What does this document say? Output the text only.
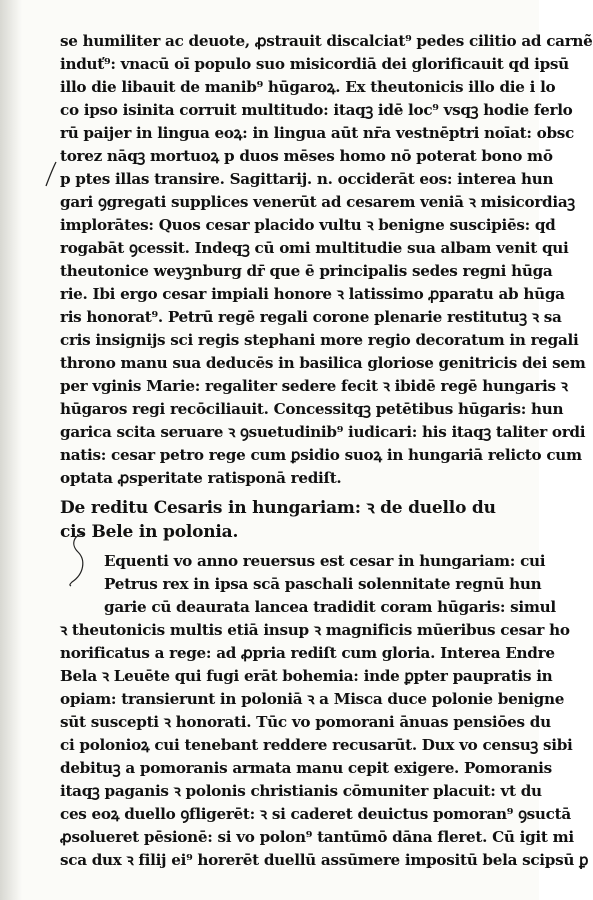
se humiliter ac deuote, ꝓstrauit discalciat⁹ pedes cilitio ad carnẽ
induť⁹: vnacū oī populo suo misicordiā dei glorificauit qd ipsū
illo die libauit de manib⁹ hūgaroꝝ. Ex theutonicis illo die i lo
co ipso isinita corruit multitudo: itaqꝫ idē loc⁹ vsqꝫ hodie ferlo
rū paijer in lingua eoꝝ: in lingua aūt nr̄a vestnēptri noīat: obsc
torez nāqꝫ mortuoꝝ p duos mēses homo nō poterat bono mō
p ptes illas transire. Sagittarij. n. occiderāt eos: interea hun
gari ꝯgregati supplices venerūt ad cesarem veniā ꝛ misicordiaꝫ
implorātes: Quos cesar placido vultu ꝛ benigne suscipiēs: qd
rogabāt ꝯcessit. Indeqꝫ cū omi multitudie sua albam venit qui
theutonice weyꝫnburg dr̄ que ē principalis sedes regni hūga
rie. Ibi ergo cesar impiali honore ꝛ latissimo ꝓparatu ab hūga
ris honorat⁹. Petrū regē regali corone plenarie restitutuꝫ ꝛ sa
cris insignijs sci regis stephani more regio decoratum in regali
throno manu sua deducēs in basilica gloriose genitricis dei sem
per vginis Marie: regaliter sedere fecit ꝛ ibidē regē hungaris ꝛ
hūgaros regi recōciliauit. Concessitqꝫ petētibus hūgaris: hun
garica scita seruare ꝛ ꝯsuetudinib⁹ iudicari: his itaqꝫ taliter ordi
natis: cesar petro rege cum ꝑsidio suoꝝ in hungariā relicto cum
optata ꝓsperitate ratisponā rediſt.
De reditu Cesaris in hungariam: ꝛ de duello du
cis Bele in polonia.
Equenti vo anno reuersus est cesar in hungariam: cui
Petrus rex in ipsa scā paschali solennitate regnū hun
garie cū deaurata lancea tradidit coram hūgaris: simul
ꝛ theutonicis multis etiā insup ꝛ magnificis mūeribus cesar ho
norificatus a rege: ad ꝓpria rediſt cum gloria. Interea Endre
Bela ꝛ Leuēte qui fugi erāt bohemia: inde ꝑpter paupratis in
opiam: transierunt in poloniā ꝛ a Misca duce polonie benigne
sūt suscepti ꝛ honorati. Tūc vo pomorani ānuas pensiōes du
ci polonioꝝ cui tenebant reddere recusarūt. Dux vo censuꝫ sibi
debituꝫ a pomoranis armata manu cepit exigere. Pomoranis
itaqꝫ paganis ꝛ polonis christianis cōmuniter placuit: vt du
ces eoꝝ duello ꝯfligerēt: ꝛ si caderet deuictus pomoran⁹ ꝯsuctā
ꝓsolueret pēsionē: si vo polon⁹ tantūmō dāna fleret. Cū igit mi
sca dux ꝛ filij ei⁹ horerēt duellū assūmere impositū bela scipsū ꝑ
